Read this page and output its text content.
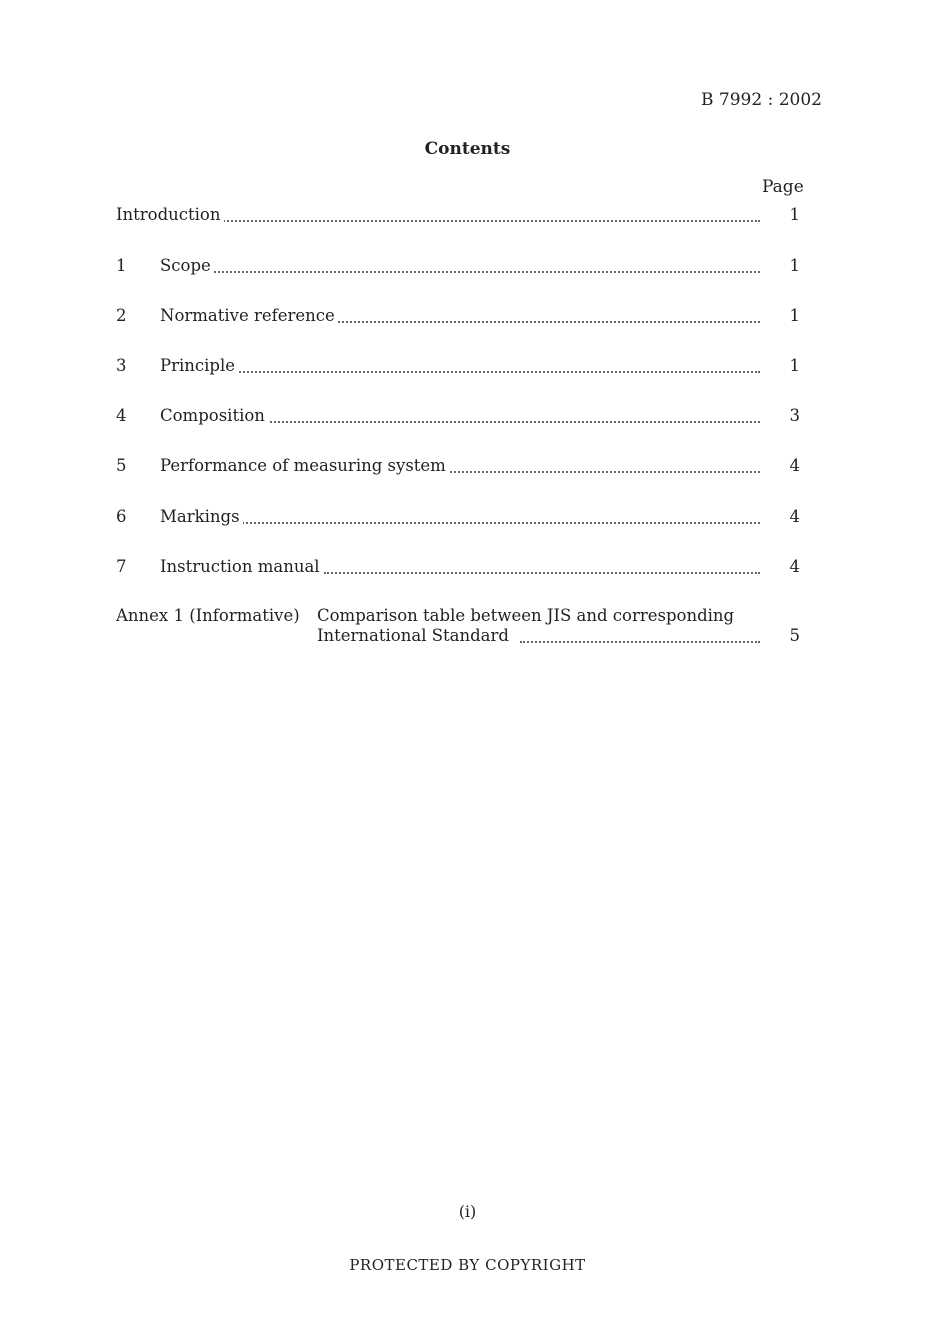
B 7992 : 2002
Contents
Page
Introduction	1
1 Scope	1
2 Normative reference	1
3 Principle	1
4 Composition	3
5 Performance of measuring system	4
6 Markings	4
7 Instruction manual	4
Annex 1 (Informative) Comparison table between JIS and corresponding
International Standard	5
(i)
PROTECTED BY COPYRIGHT
